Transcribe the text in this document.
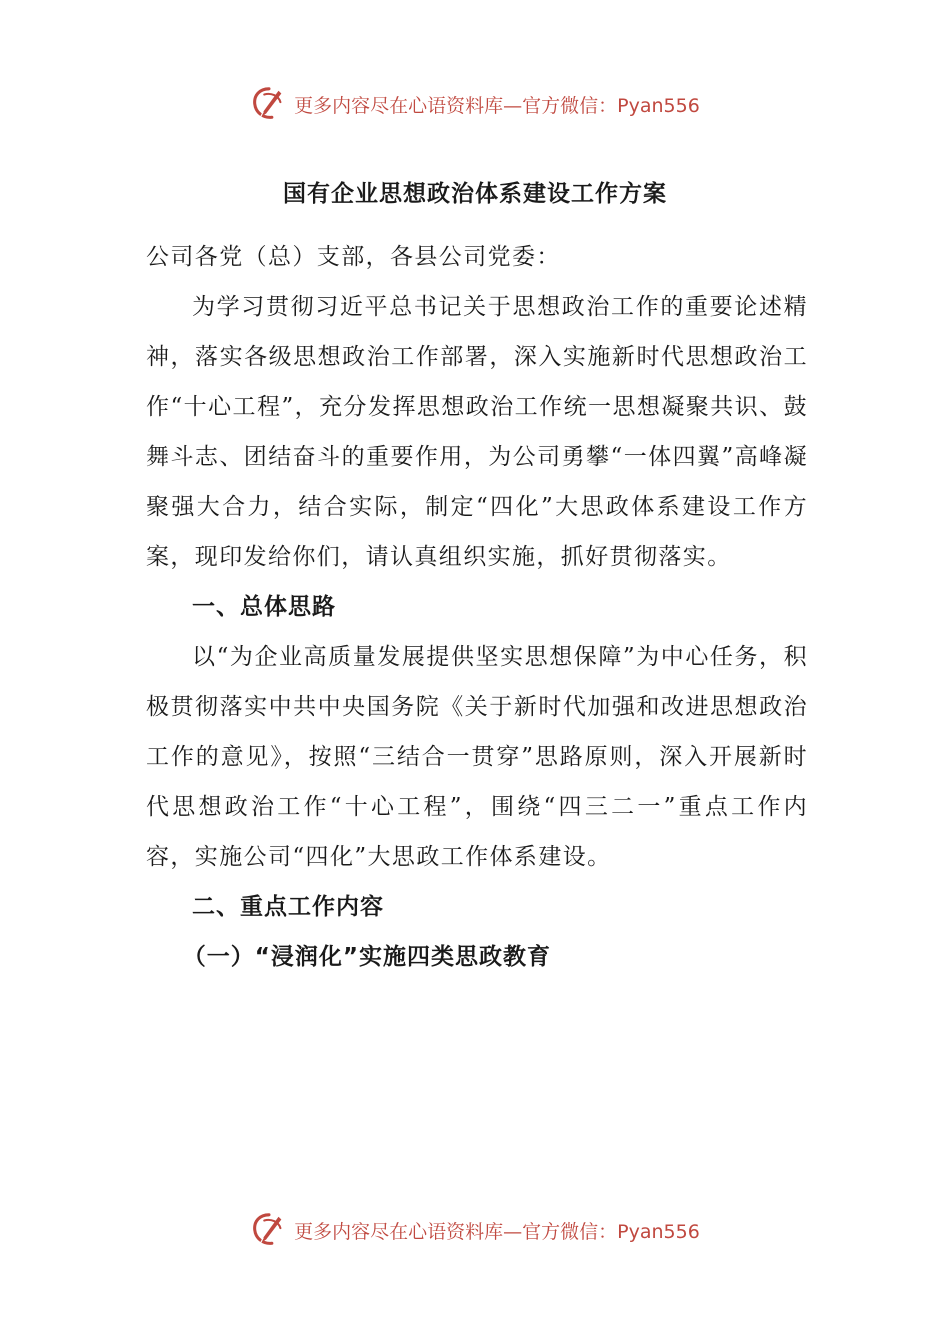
更多内容尽在心语资料库— 官方微信：Pyan556
国有企业思想政治体系建设工作方案

公司各党（总）支部，各县公司党委：

为学习贯彻习近平总书记关于思想政治工作的重要论述精神，落实各级思想政治工作部署，深入实施新时代思想政治工作“十心工程”，充分发挥思想政治工作统一思想凝聚共识、鼓舞斗志、团结奋斗的重要作用，为公司勇攀“一体四翼”高峰凝聚强大合力，结合实际，制定“四化”大思政体系建设工作方案，现印发给你们，请认真组织实施，抓好贯彻落实。

一、总体思路

以“为企业高质量发展提供坚实思想保障”为中心任务，积极贯彻落实中共中央国务院《关于新时代加强和改进思想政治工作的意见》，按照“三结合一贯穿”思路原则，深入开展新时代思想政治工作“十心工程”，围绕“四三二一”重点工作内容，实施公司“四化”大思政工作体系建设。

二、重点工作内容

（一）“浸润化”实施四类思政教育

更多内容尽在心语资料库— 官方微信：Pyan556
